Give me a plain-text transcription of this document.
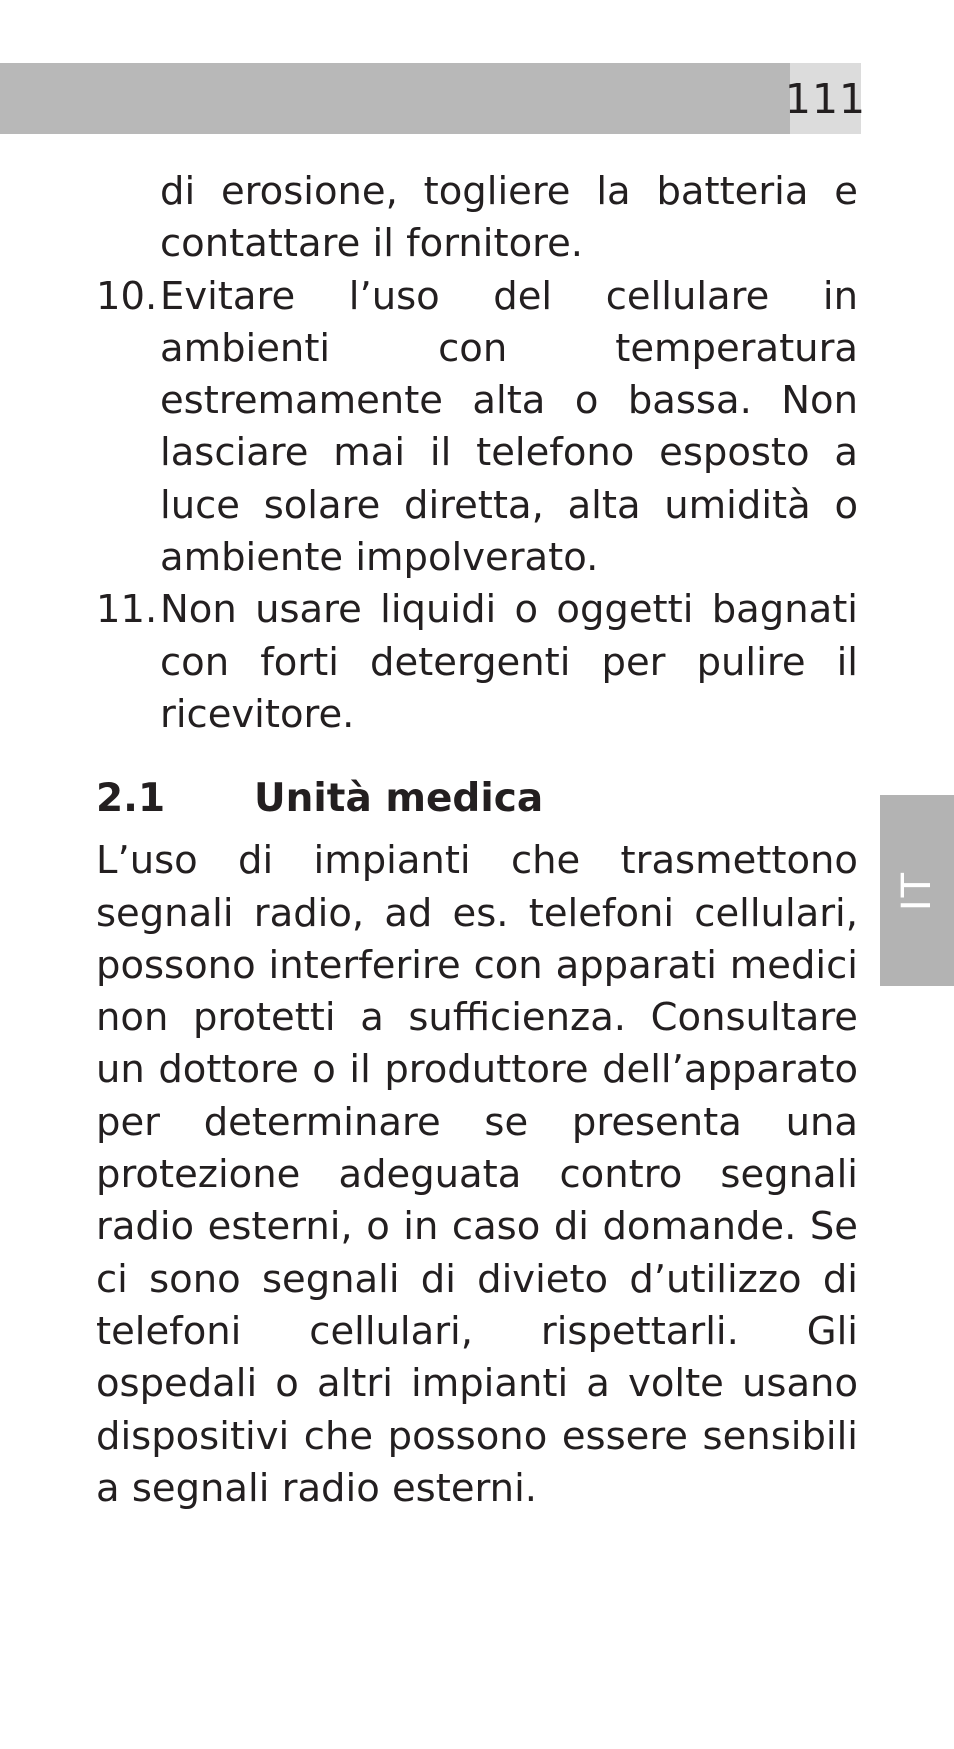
111
IT
di erosione, togliere la batteria e contattare il fornitore.
10. Evitare l’uso del cellulare in ambienti con temperatura estremamente alta o bassa. Non lasciare mai il telefono esposto a luce solare diretta, alta umidità o ambiente impolverato.
11. Non usare liquidi o oggetti bagnati con forti detergenti per pulire il ricevitore.
2.1	Unità medica
L’uso di impianti che trasmettono segnali radio, ad es. telefoni cellulari, possono interferire con apparati medici non protetti a sufficienza. Consultare un dottore o il produttore dell’apparato per determinare se presenta una protezione adeguata contro segnali radio esterni, o in caso di domande. Se ci sono segnali di divieto d’utilizzo di telefoni cellulari, rispettarli. Gli ospedali o altri impianti a volte usano dispositivi che possono essere sensibili a segnali radio esterni.
